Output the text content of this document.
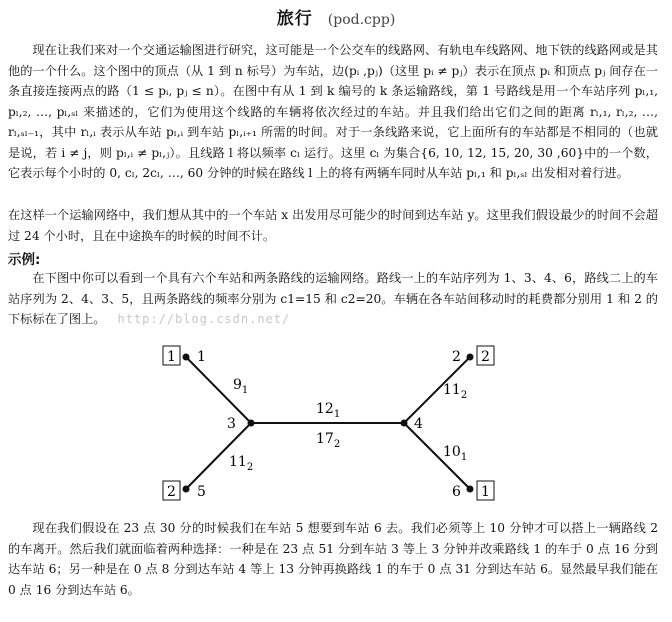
旅行 (pod.cpp)
现在让我们来对一个交通运输图进行研究，这可能是一个公交车的线路网、有轨电车线路网、地下铁的线路网或是其他的一个什么。这个图中的顶点（从 1 到 n 标号）为车站，边(pᵢ ,pⱼ)（这里 pᵢ ≠ pⱼ）表示在顶点 pᵢ 和顶点 pⱼ 间存在一条直接连接两点的路（1 ≤ pᵢ, pⱼ ≤ n）。在图中有从 1 到 k 编号的 k 条运输路线，第 1 号路线是用一个车站序列 pₗ,₁, pₗ,₂, …, pₗ,ₛₗ 来描述的，它们为使用这个线路的车辆将依次经过的车站。并且我们给出它们之间的距离 rₗ,₁, rₗ,₂, …, rₗ,ₛₗ₋₁，其中 rₗ,ᵢ 表示从车站 pₗ,ᵢ 到车站 pₗ,ᵢ₊₁ 所需的时间。对于一条线路来说，它上面所有的车站都是不相同的（也就是说，若 i ≠ j，则 pₗ,ᵢ ≠ pₗ,ⱼ）。且线路 l 将以频率 cₗ 运行。这里 cₗ 为集合{6, 10, 12, 15, 20, 30 ,60}中的一个数，它表示每个小时的 0, cₗ, 2cₗ, …, 60 分钟的时候在路线 l 上的将有两辆车同时从车站 pₗ,₁ 和 pₗ,ₛₗ 出发相对着行进。
在这样一个运输网络中，我们想从其中的一个车站 x 出发用尽可能少的时间到达车站 y。这里我们假设最少的时间不会超过 24 个小时，且在中途换车的时候的时间不计。
示例:
在下图中你可以看到一个具有六个车站和两条路线的运输网络。路线一上的车站序列为 1、3、4、6，路线二上的车站序列为 2、4、3、5，且两条路线的频率分别为 c1=15 和 c2=20。车辆在各车站间移动时的耗费都分别用 1 和 2 的下标标在了图上。 http://blog.csdn.net/
1 1	2
2
2 5	1
6
3	4
$9_1$
$11_2$
$12_1$
$17_2$
$11_2$
$10_1$
现在我们假设在 23 点 30 分的时候我们在车站 5 想要到车站 6 去。我们必须等上 10 分钟才可以搭上一辆路线 2 的车离开。然后我们就面临着两种选择：一种是在 23 点 51 分到车站 3 等上 3 分钟并改乘路线 1 的车于 0 点 16 分到达车站 6；另一种是在 0 点 8 分到达车站 4 等上 13 分钟再换路线 1 的车于 0 点 31 分到达车站 6。显然最早我们能在 0 点 16 分到达车站 6。
